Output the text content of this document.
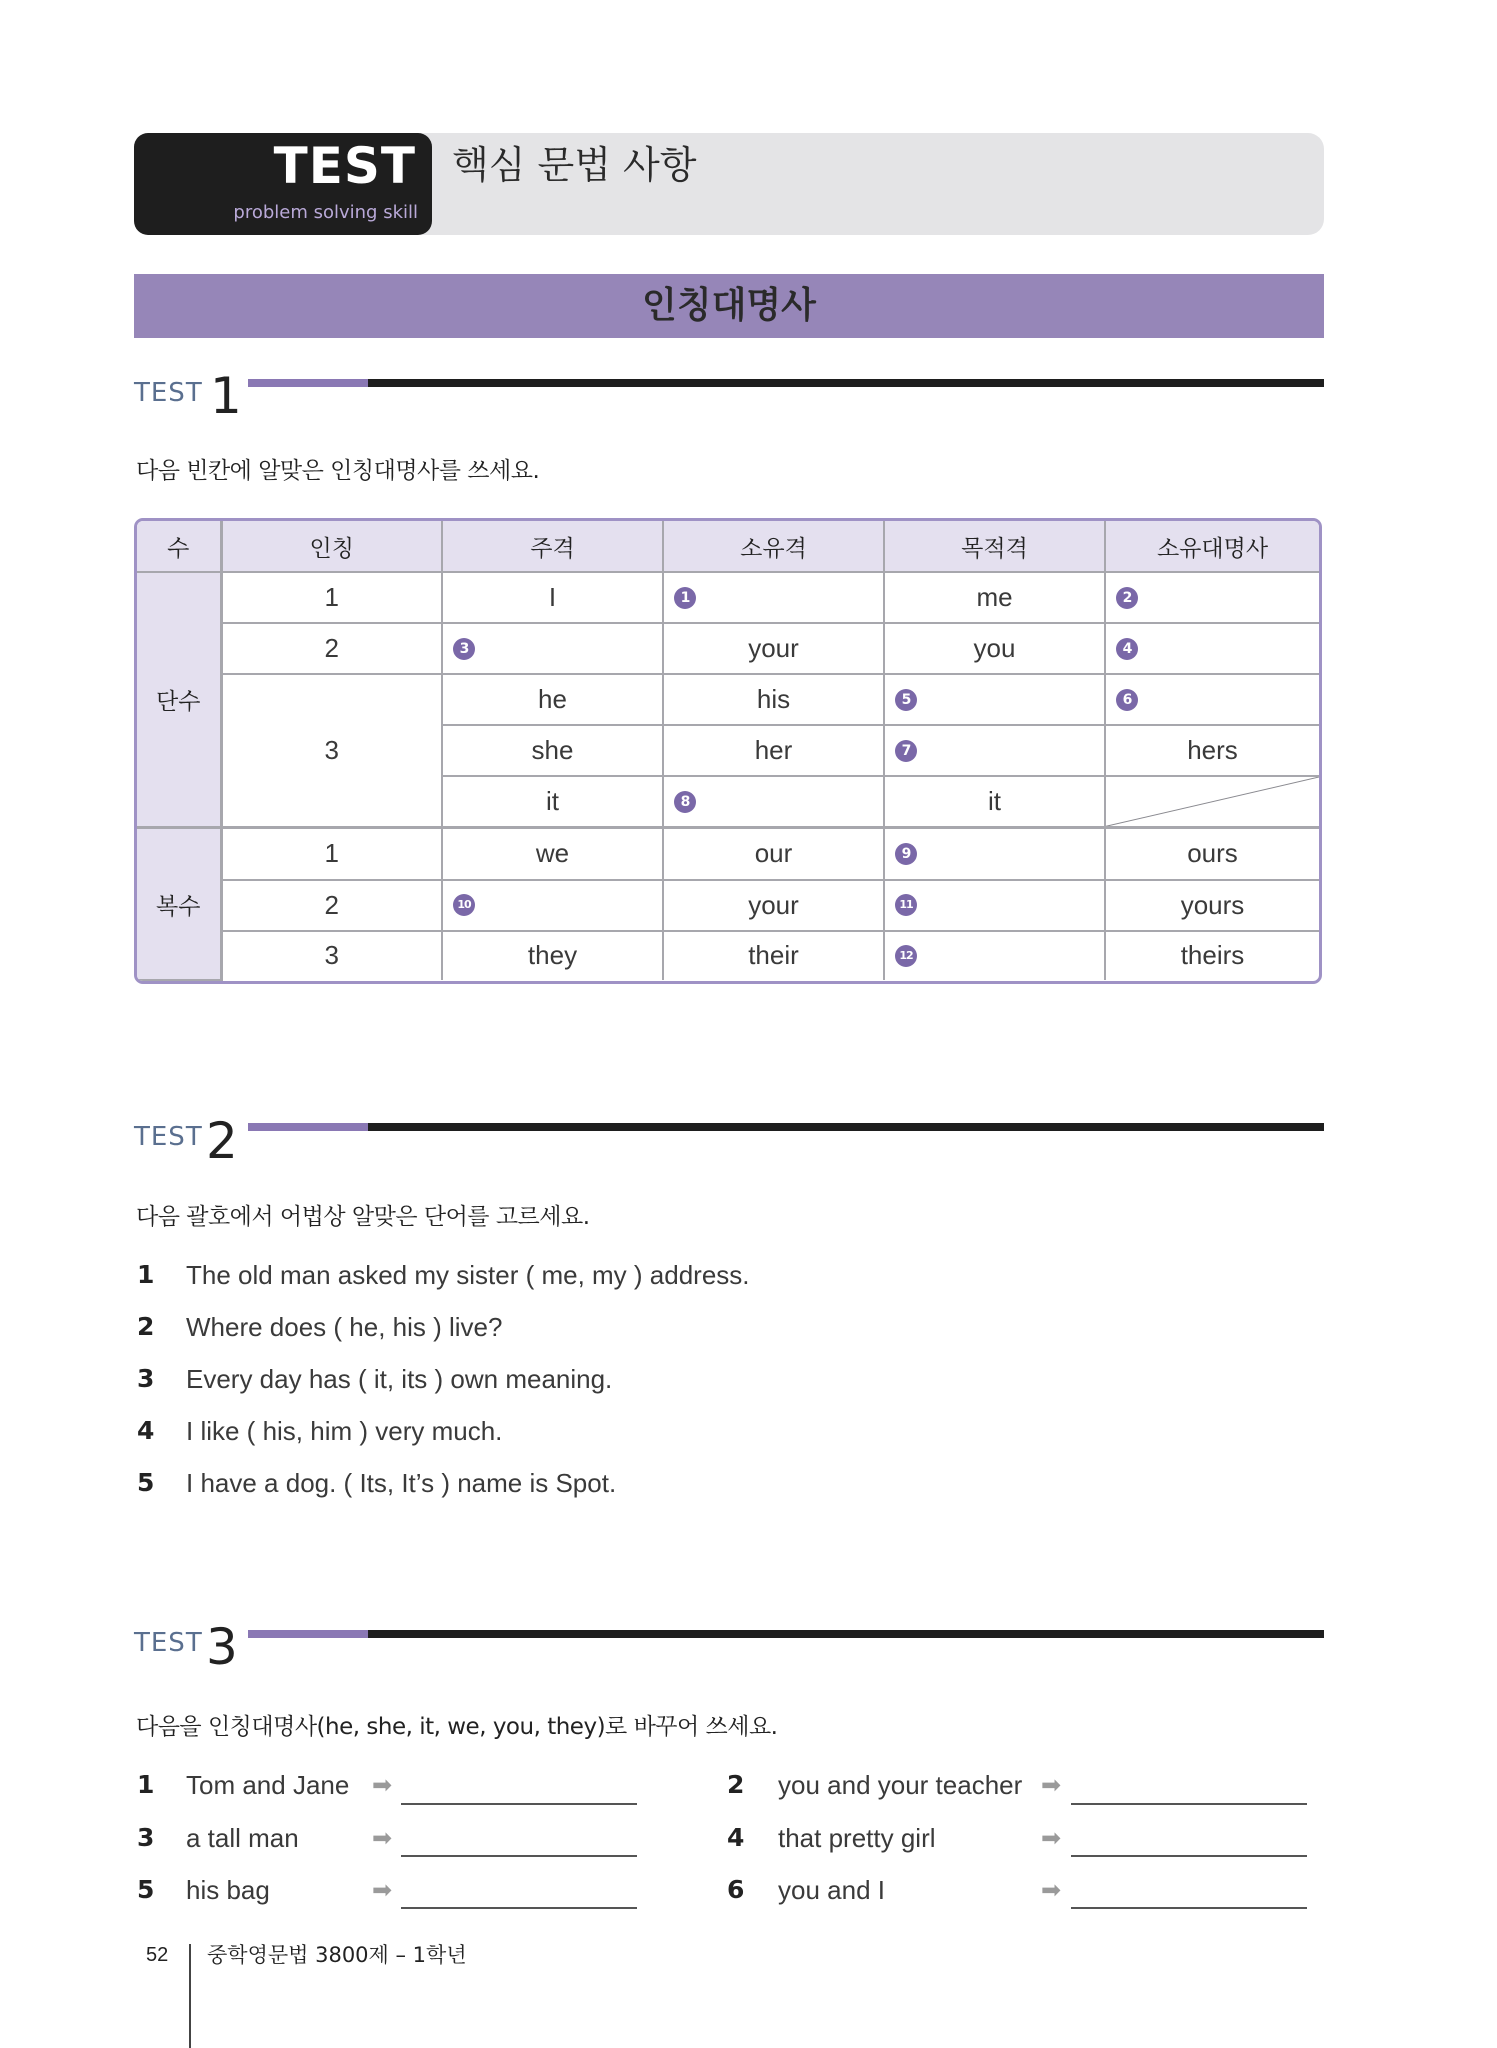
TEST
problem solving skill
핵심 문법 사항
인칭대명사
TEST 1
다음 빈칸에 알맞은 인칭대명사를 쓰세요.
수	인칭	주격	소유격	목적격	소유대명사
단수	1	I	1	me	2

	2	3	your	you	4

	3	he	his	5	6

		she	her	7	hers
		it	8	it	

복수	1	we	our	9	ours
	2	10	your	11	yours
	3	they	their	12	theirs
TEST 2
다음 괄호에서 어법상 알맞은 단어를 고르세요.
1 The old man asked my sister ( me, my ) address.
2 Where does ( he, his ) live?
3 Every day has ( it, its ) own meaning.
4 I like ( his, him ) very much.
5 I have a dog. ( Its, It’s ) name is Spot.
TEST 3
다음을 인칭대명사(he, she, it, we, you, they)로 바꾸어 쓰세요.
1 Tom and Jane ➡	2 you and your teacher ➡
3 a tall man	➡	4 that pretty girl	➡
5 his bag	➡	6 you and I	➡
52 중학영문법 3800제 – 1학년
